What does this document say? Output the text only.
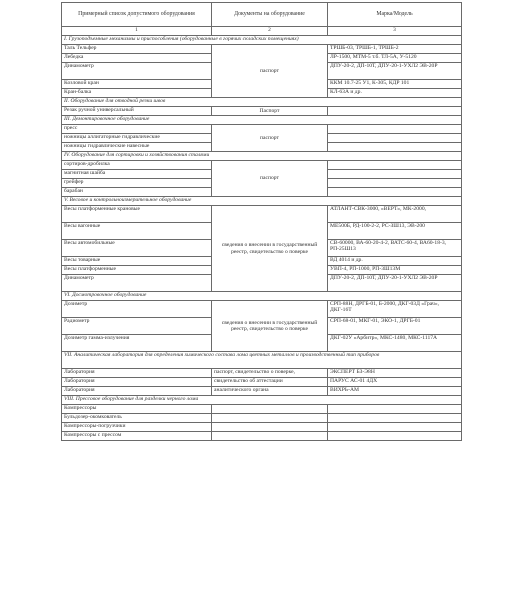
Примерный список допустимого оборудования	Документы на оборудование	Марка/Модель
1	2	3
I. Грузоподъемные механизмы и приспособления (оборудованные в горячих складских помещениях)		
Таль Тельфер	паспорт	ТРШБ-03, ТРШБ-1, ТРШБ-2
Лебедка		ЛР-1500, МТМ-5 т.б. ТЛ-5А, У-5120
Динамометр		ДПУ-20-2, ДП-10Т, ДПУ-20-1-УХЛ2 ЭВ-20Р
Козловой кран		ККМ 10.7-25 У1, К-305, КДР 101
Кран-балка		КЛ-63А и др.
II. Оборудование для отводной резки швов		
Резак ручной универсальный	Паспорт	
III. Демонтировочное оборудование		
пресс	паспорт	
ножницы аллигаторные гидравлические		
ножницы гидравлические навесные		
IV. Оборудование для сортировки и хозяйствования сталями		
сортиров-дробилка	паспорт	
магнитная шайба		
грейфер		
барабан		
V. Весовое и контрольноизмерительное оборудование		
Весы платформенные крановые	сведения о внесении в государственный реестр, свидетельство о поверке	АТЛАНТ-СВК-3000, «ВЕРТ», МК-2000,
Весы вагонные		МЕ500Б, РД-100-2-2, РС-ЗШ13, ЭВ-200
Весы автомобильные		СВ-60000, ВА-60-20-4-2, ВАТС-60-4, ВА60-18-3, РП-25Ш13
Весы товарные		ВД 4014 и др.
Весы платформенные		УВП-4, РП-1000, РП-3Ш13М
Динамометр		ДПУ-20-2, ДП-10Т, ДПУ-20-1-УХЛ2 ЭВ-20Р
VI. Досмотровочное оборудование		
Дозиметр	сведения о внесении в государственный реестр, свидетельство о поверке	СРП-88Н, ДРГБ-01, Б-2000, ДКГ-03Д «Грач», ДКГ-16Т
Радиометр		СРП-68-01, МКГ-01, ЭКО-1, ДРГБ-01
Дозиметр гамма-излучения		ДКГ-02У «Арбитр», МКС-1480, МКС-1117А
VII. Аналитическая лаборатория для определения химического состава лома цветных металлов и производственный тип приборов		
Лаборатория	паспорт, свидетельство о поверке,	ЭКСПЕРТ БЗ-Э8Н
Лаборатория	свидетельство об аттестации	ПАРУС АС-01 4ДХ
Лаборатория	аналитического органа	ВИХРЬ-АМ
VIII. Прессовое оборудование для разделки черного лома		
Компрессоры		
Бульдозер-окомкователь		
Компрессоры-погрузчики		
Компрессоры с прессом		
